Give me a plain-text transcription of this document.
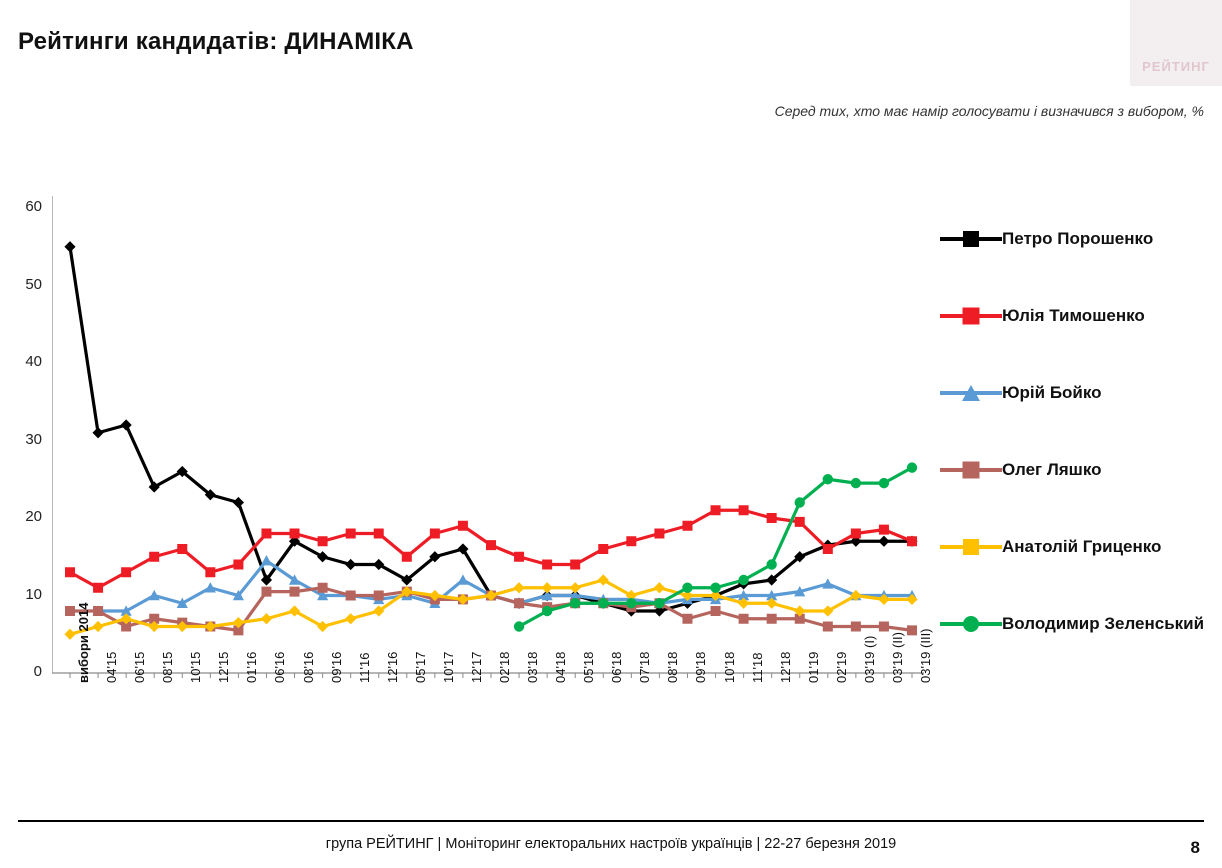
Рейтинги кандидатів: ДИНАМІКА
РЕЙТИНГ
Серед тих, хто має намір голосувати і визначився з вибором, %
0
10
20
30
40
50
60
вибори 2014 04'15 06'15 08'15 10'15 12'15 01'16 06'16 08'16 09'16 11'16 12'16 05'17 10'17 12'17 02'18 03'18 04'18 05'18 06'18 07'18 08'18 09'18 10'18 11'18 12'18 01'19 02'19 03'19 (I) 03'19 (II) 03'19 (III)
Петро Порошенко
Юлія Тимошенко
Юрій Бойко
Олег Ляшко
Анатолій Гриценко
Володимир Зеленський
група РЕЙТИНГ | Моніторинг електоральних настроїв українців | 22-27 березня 2019	8
